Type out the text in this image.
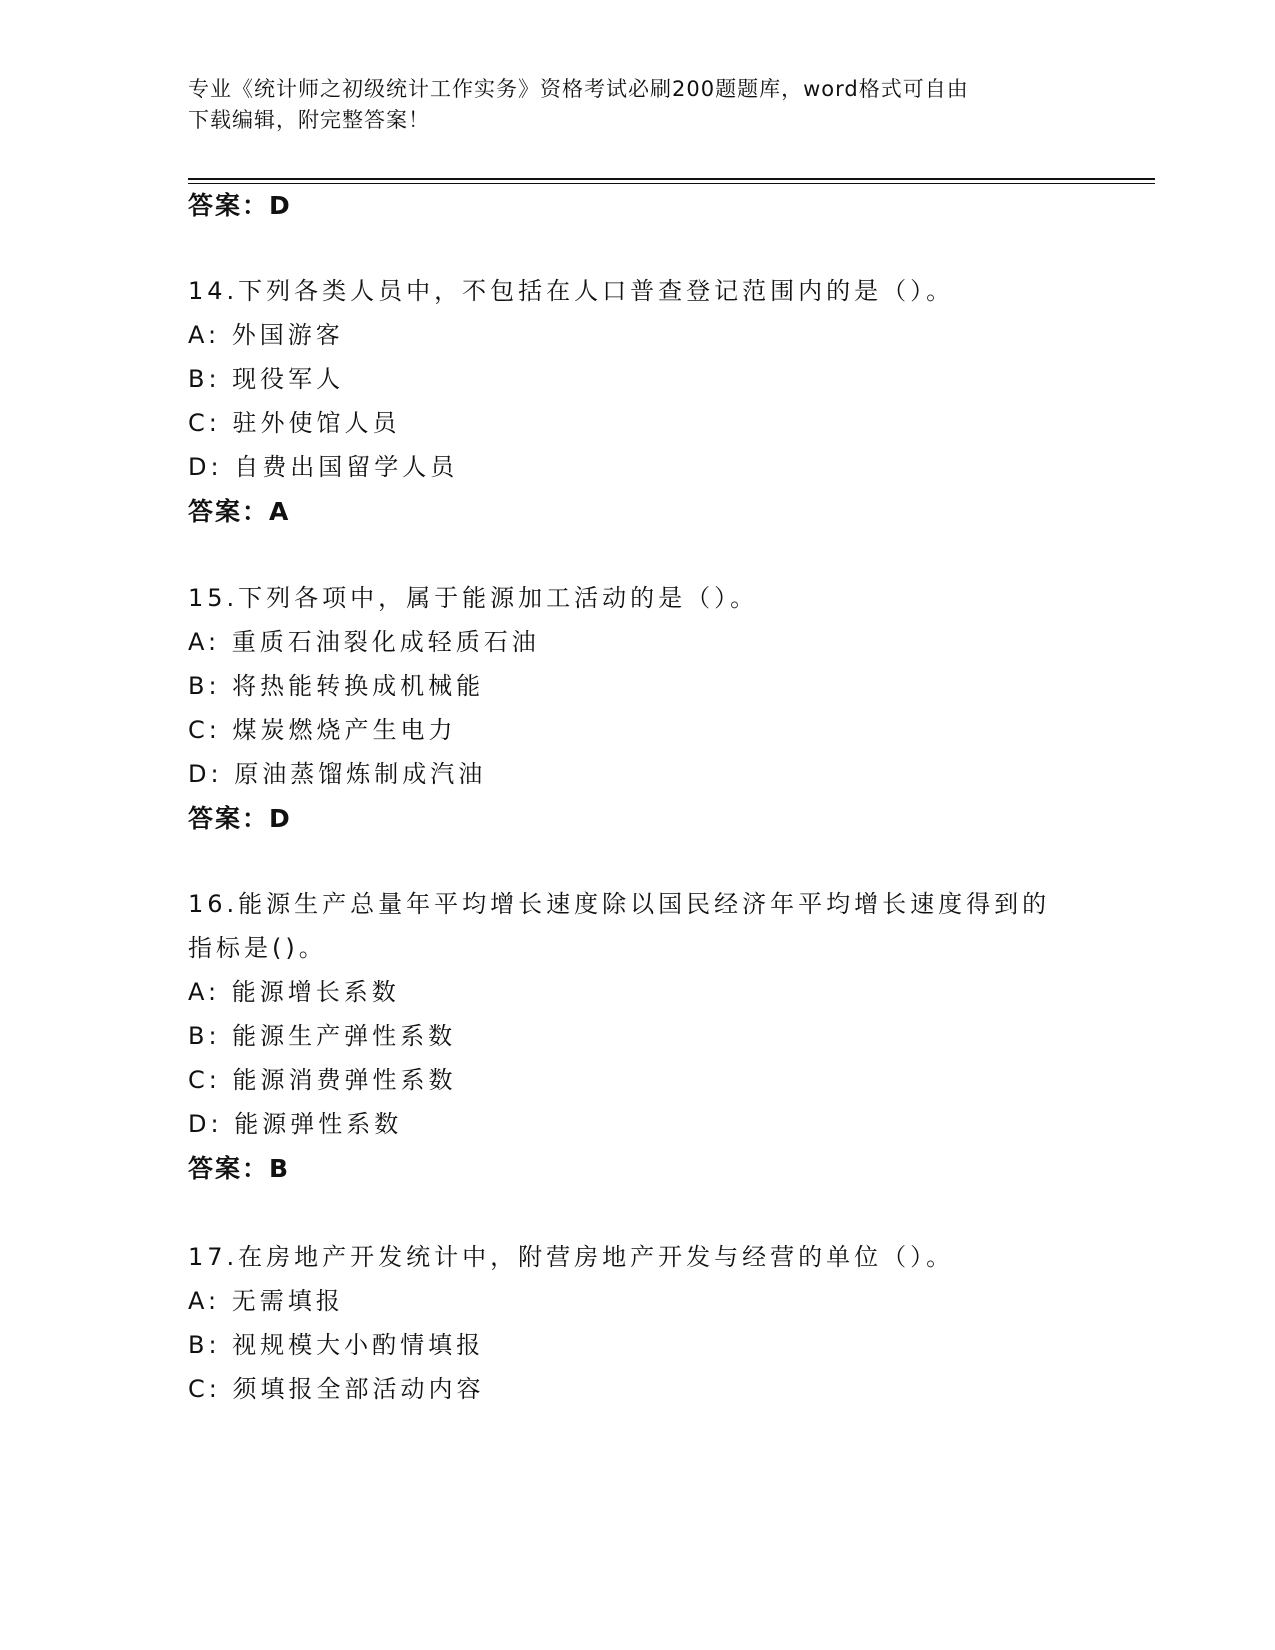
专业《统计师之初级统计工作实务》资格考试必刷200题题库，word格式可自由
下载编辑，附完整答案！
答案：D
14.下列各类人员中，不包括在人口普查登记范围内的是（）。
A: 外国游客
B: 现役军人
C: 驻外使馆人员
D: 自费出国留学人员
答案：A
15.下列各项中，属于能源加工活动的是（）。
A: 重质石油裂化成轻质石油
B: 将热能转换成机械能
C: 煤炭燃烧产生电力
D: 原油蒸馏炼制成汽油
答案：D
16.能源生产总量年平均增长速度除以国民经济年平均增长速度得到的
指标是()。
A: 能源增长系数
B: 能源生产弹性系数
C: 能源消费弹性系数
D: 能源弹性系数
答案：B
17.在房地产开发统计中，附营房地产开发与经营的单位（）。
A: 无需填报
B: 视规模大小酌情填报
C: 须填报全部活动内容
